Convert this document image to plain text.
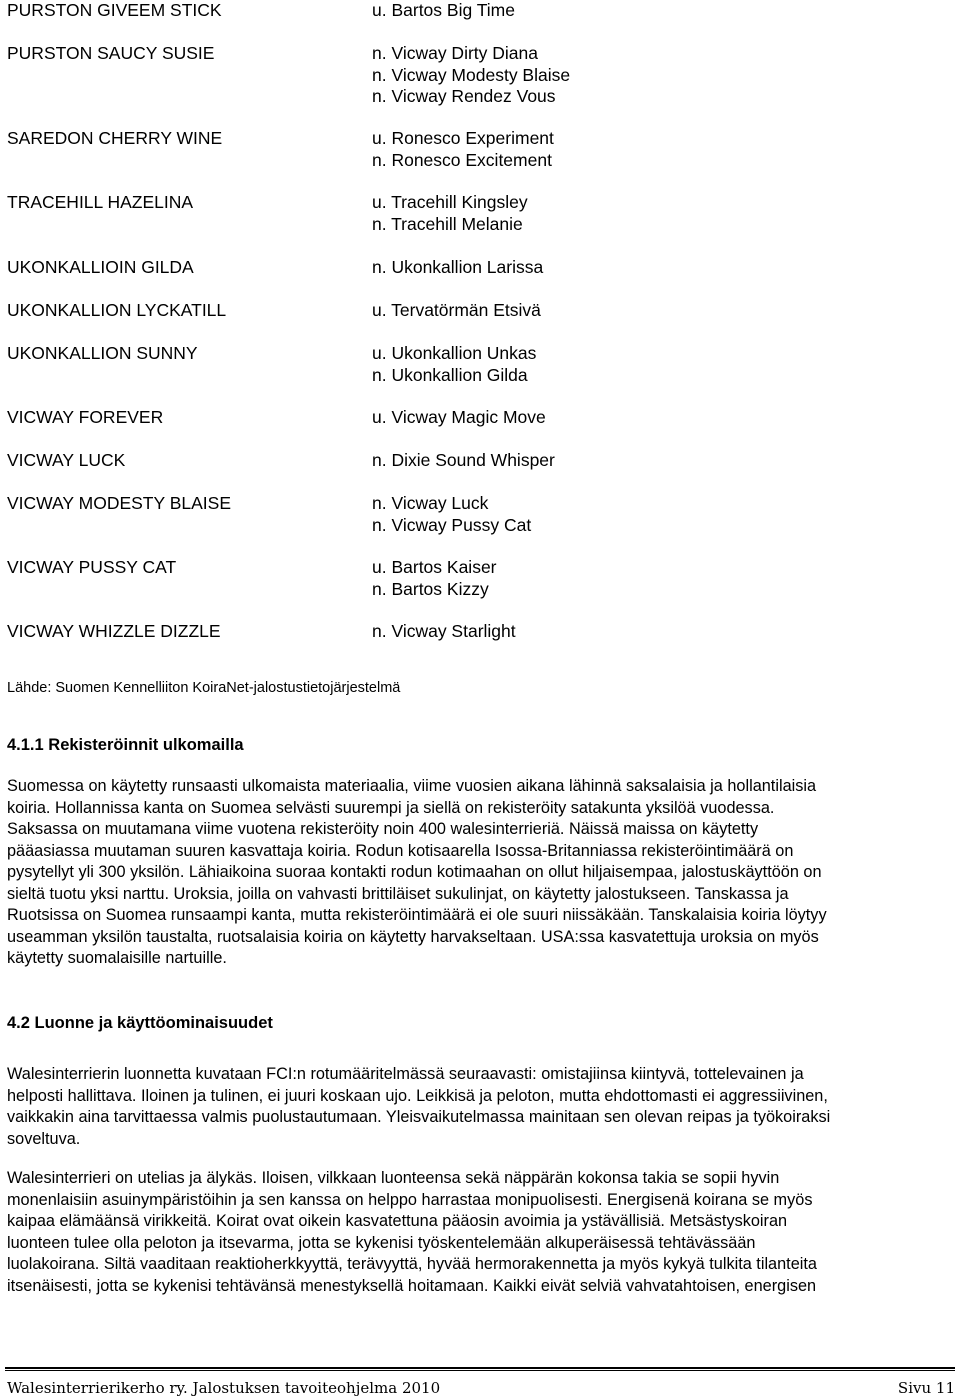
PURSTON GIVEEM STICK	u. Bartos Big Time
PURSTON SAUCY SUSIE	n. Vicway Dirty Diana
n. Vicway Modesty Blaise
n. Vicway Rendez Vous
SAREDON CHERRY WINE	u. Ronesco Experiment
n. Ronesco Excitement
TRACEHILL HAZELINA	u. Tracehill Kingsley
n. Tracehill Melanie
UKONKALLIOIN GILDA	n. Ukonkallion Larissa
UKONKALLION LYCKATILL	u. Tervatörmän Etsivä
UKONKALLION SUNNY	u. Ukonkallion Unkas
n. Ukonkallion Gilda
VICWAY FOREVER	u. Vicway Magic Move
VICWAY LUCK	n. Dixie Sound Whisper
VICWAY MODESTY BLAISE	n. Vicway Luck
n. Vicway Pussy Cat
VICWAY PUSSY CAT	u. Bartos Kaiser
n. Bartos Kizzy
VICWAY WHIZZLE DIZZLE	n. Vicway Starlight
Lähde: Suomen Kennelliiton KoiraNet-jalostustietojärjestelmä
4.1.1 Rekisteröinnit ulkomailla
Suomessa on käytetty runsaasti ulkomaista materiaalia, viime vuosien aikana lähinnä saksalaisia ja hollantilaisia
koiria. Hollannissa kanta on Suomea selvästi suurempi ja siellä on rekisteröity satakunta yksilöä vuodessa.
Saksassa on muutamana viime vuotena rekisteröity noin 400 walesinterrieriä. Näissä maissa on käytetty
pääasiassa muutaman suuren kasvattaja koiria. Rodun kotisaarella Isossa-Britanniassa rekisteröintimäärä on
pysytellyt yli 300 yksilön. Lähiaikoina suoraa kontakti rodun kotimaahan on ollut hiljaisempaa, jalostuskäyttöön on
sieltä tuotu yksi narttu. Uroksia, joilla on vahvasti brittiläiset sukulinjat, on käytetty jalostukseen. Tanskassa ja
Ruotsissa on Suomea runsaampi kanta, mutta rekisteröintimäärä ei ole suuri niissäkään. Tanskalaisia koiria löytyy
useamman yksilön taustalta, ruotsalaisia koiria on käytetty harvakseltaan. USA:ssa kasvatettuja uroksia on myös
käytetty suomalaisille nartuille.
4.2 Luonne ja käyttöominaisuudet
Walesinterrierin luonnetta kuvataan FCI:n rotumääritelmässä seuraavasti: omistajiinsa kiintyvä, tottelevainen ja
helposti hallittava. Iloinen ja tulinen, ei juuri koskaan ujo. Leikkisä ja peloton, mutta ehdottomasti ei aggressiivinen,
vaikkakin aina tarvittaessa valmis puolustautumaan. Yleisvaikutelmassa mainitaan sen olevan reipas ja työkoiraksi
soveltuva.
Walesinterrieri on utelias ja älykäs. Iloisen, vilkkaan luonteensa sekä näppärän kokonsa takia se sopii hyvin
monenlaisiin asuinympäristöihin ja sen kanssa on helppo harrastaa monipuolisesti. Energisenä koirana se myös
kaipaa elämäänsä virikkeitä. Koirat ovat oikein kasvatettuna pääosin avoimia ja ystävällisiä. Metsästyskoiran
luonteen tulee olla peloton ja itsevarma, jotta se kykenisi työskentelemään alkuperäisessä tehtävässään
luolakoirana. Siltä vaaditaan reaktioherkkyyttä, terävyyttä, hyvää hermorakennetta ja myös kykyä tulkita tilanteita
itsenäisesti, jotta se kykenisi tehtävänsä menestyksellä hoitamaan. Kaikki eivät selviä vahvatahtoisen, energisen
Walesinterrierikerho ry. Jalostuksen tavoiteohjelma 2010	Sivu 11
